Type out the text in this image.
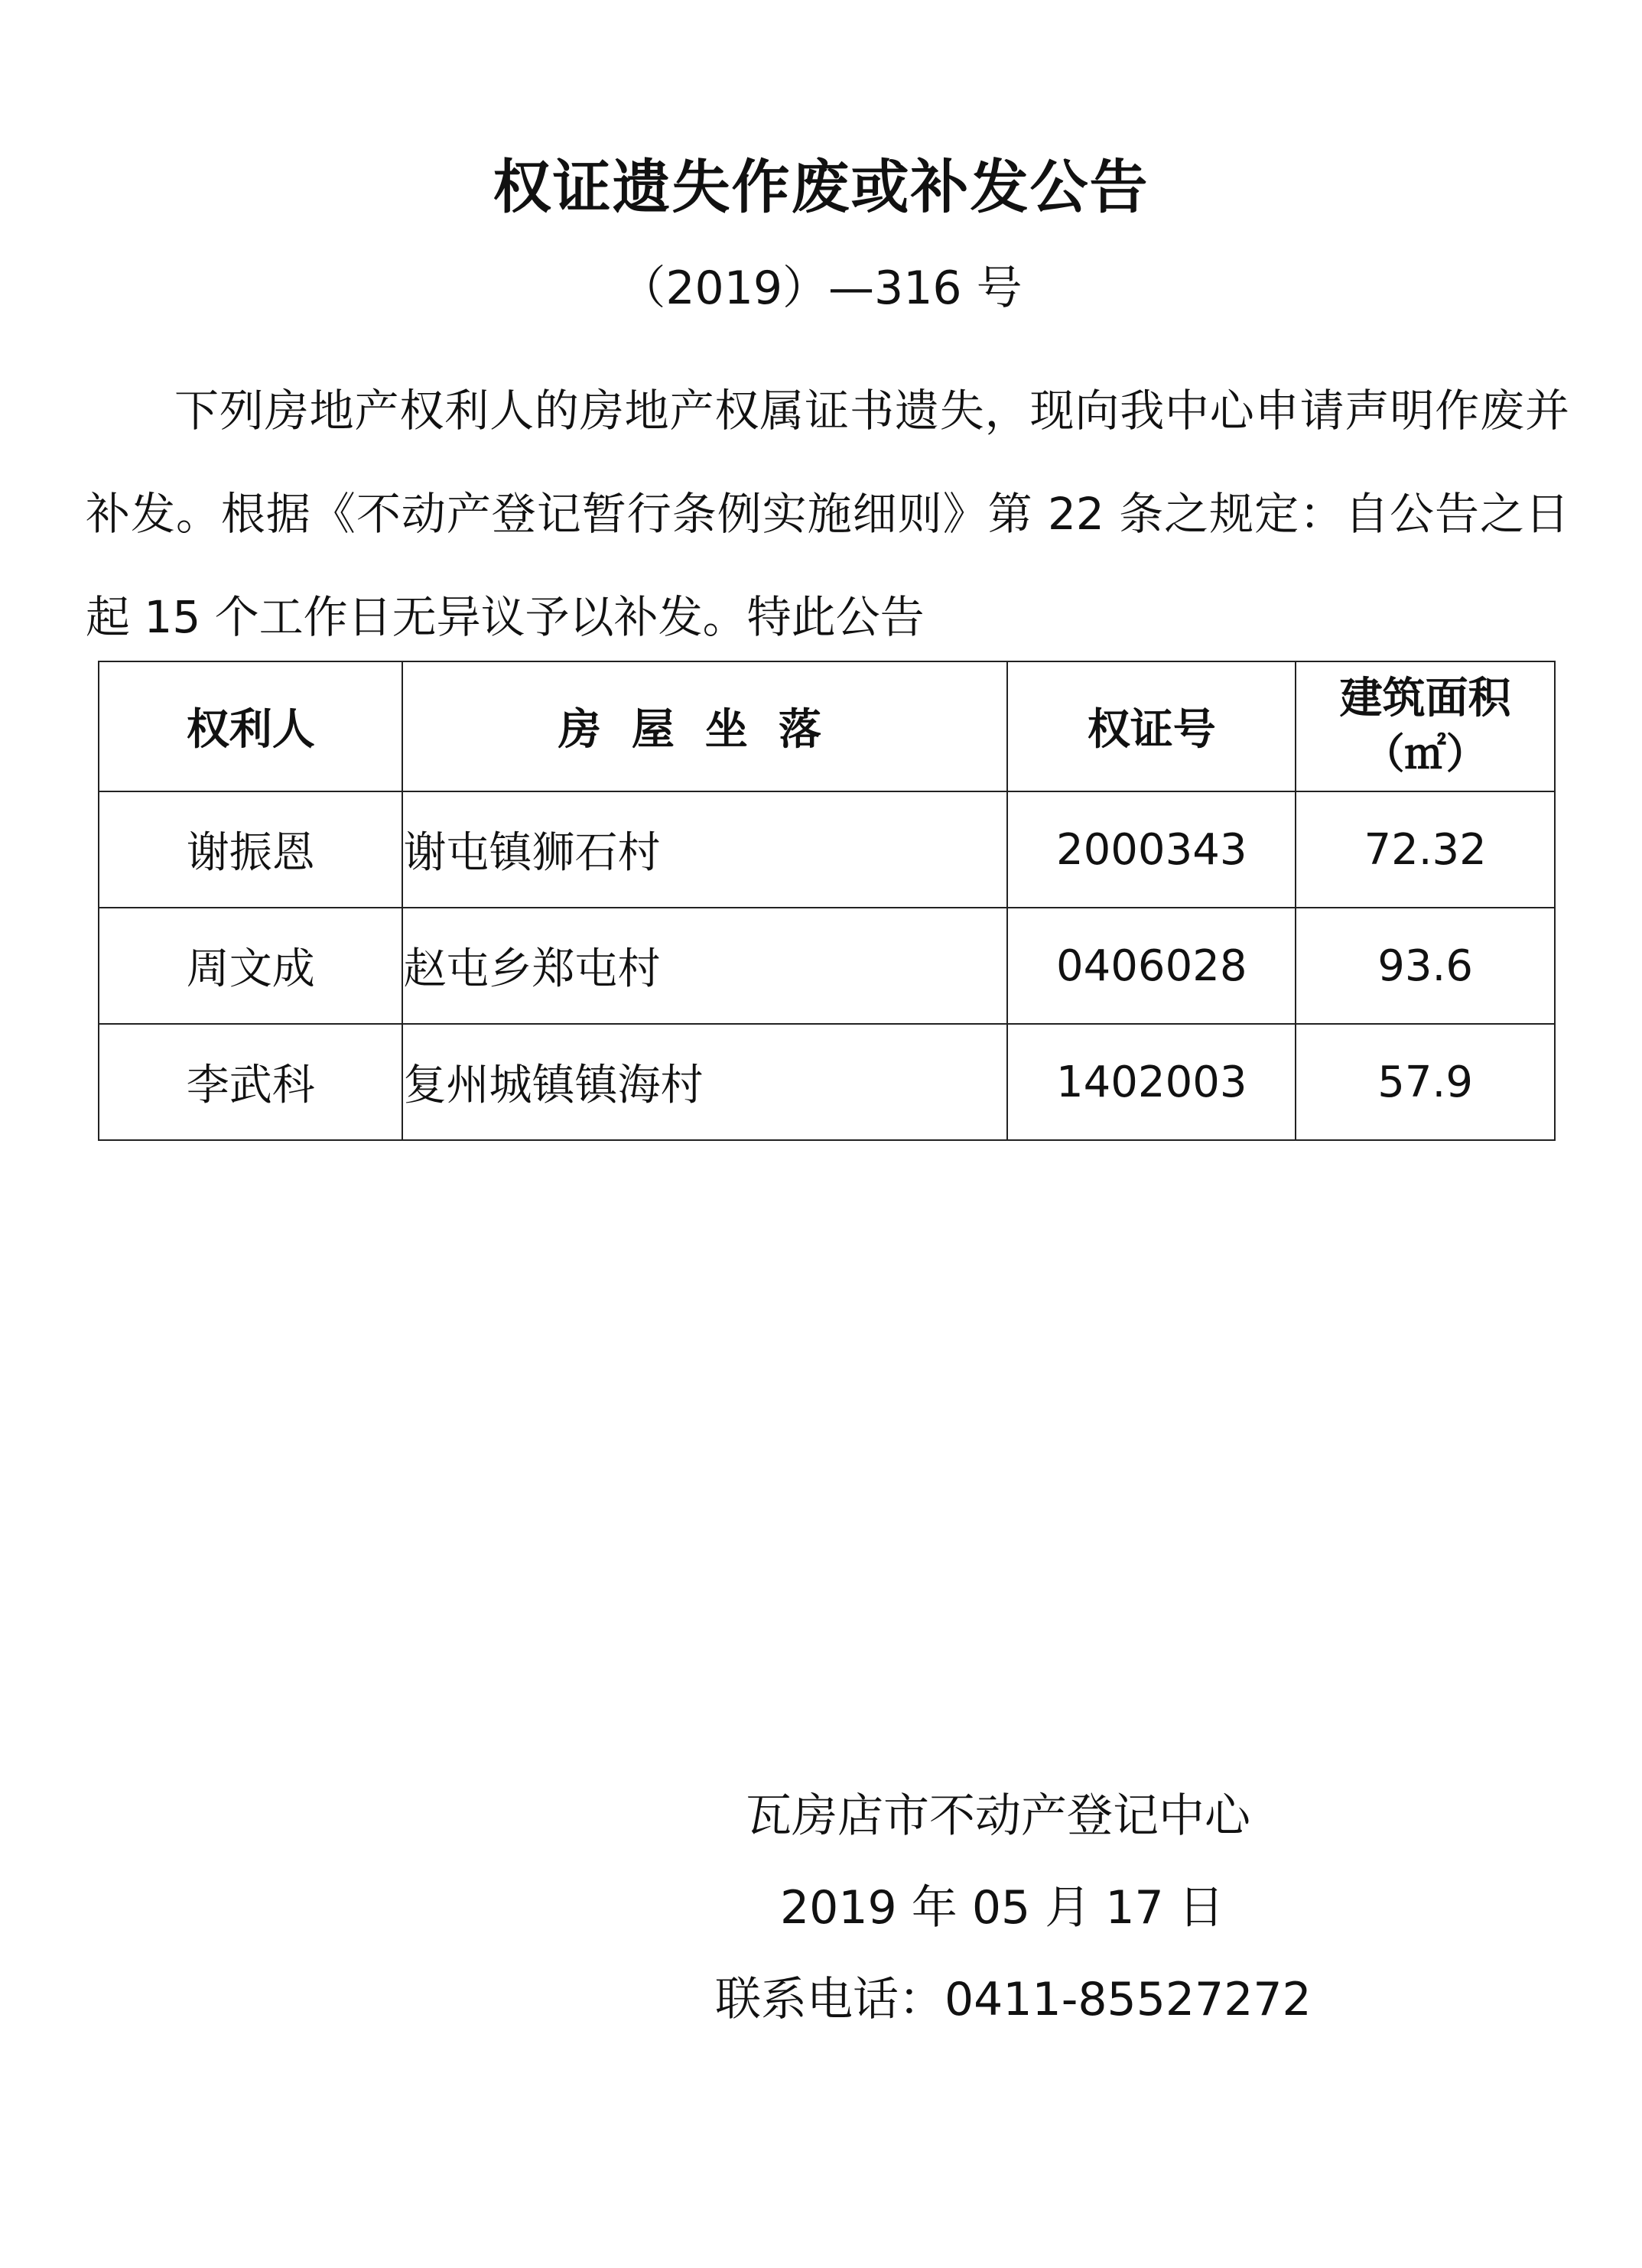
权证遗失作废或补发公告
（2019）—316 号

下列房地产权利人的房地产权属证书遗失，现向我中心申请声明作废并补发。根据《不动产登记暂行条例实施细则》第 22 条之规定：自公告之日起 15 个工作日无异议予以补发。特此公告

权利人	房屋坐落	权证号	建筑面积
（㎡）

谢振恩	谢屯镇狮石村	2000343	72.32
周文成	赵屯乡郑屯村	0406028	93.6
李武科	复州城镇镇海村	1402003	57.9
瓦房店市不动产登记中心
2019 年 05 月 17 日
联系电话：0411-85527272
